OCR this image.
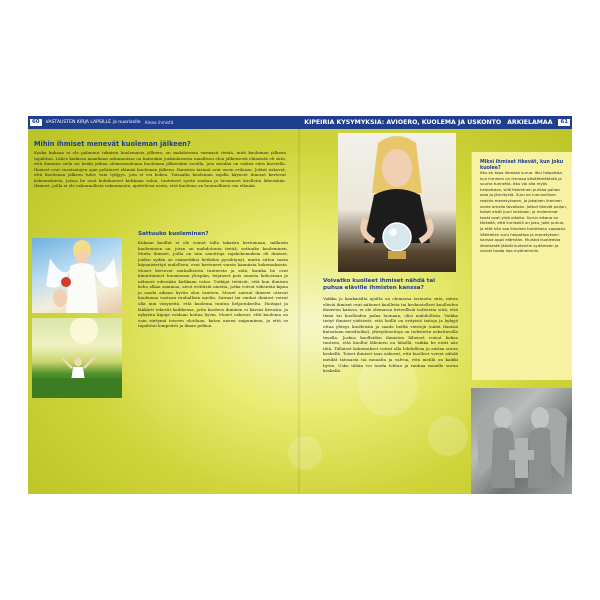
60	VASTAUSTEN KIRJA LAPSILLE ja nuorisolle Arkea ihmistä	KIPEIRIA KYSYMYKSIA: AVIOERO, KUOLEMA JA USKONTO ARKIELAMAA	61
Mihin ihmiset menevät kuoleman jälkeen?
Koska kukaan ei ole palannut takaisin kuolemasta jälkeen, on mahdotonta varmasti tietää, mitä kuoleman jälkeen tapahtuu. Lähes kaikissa maailman uskonnoissa on kuitenkin jonkinlaisesta maallisen elon jälkeisestä elämästä eli siitä, että ihminen sielu tai henki jatkaa olemassaoloaan kuoleman jälkeenkin tavalla, jota meidän on vaikea edes kuvitella. Ihmiset ovat vuosisatojen ajan pohtineet elämää kuoleman jälkeen. Ihmisten tarinat ovat usein erilaisia. Jotkut uskovat, että kuoleman jälkeen tulee vain tyhjyys, jota ei voi kokea. Toisaalta kuoleman rajalla käyneet ihmiset kertovat kokemuksista, joissa he ovat kohdanneet kirkkaan valon, tunteneet syvää rauhaa ja tavanneet kuolleita läheisiään. Ihmiset, joilla ei ole uskonnollista vakaumusta, ajattelevat usein, että kuolema on luonnollinen osa elämää.
Sattuuko kuoleminen?
Kukaan kuollut ei ole voinut tulla takaisin kertomaan, millaista kuoleminen on, joten on mahdotonta tietää, sattuuko kuoleminen. Mutta ihmiset, joilla on niin sanottuja rajakokemuksia eli ihmiset, joiden sydän on esimerkiksi hetkeksi pysähtynyt, mutta sitten saatu käynnistettyä uudelleen, ovat kertoneet varsin kauniista kokemuksista. Monet kertovat rauhallisesta tunteesta ja siitä, kuinka he ovat kiinnittäneet huomionsa ylöspäin, leijuneet pois omasta kehostaan ja nähneet edessään kirkkaan valon. Tutkijat tietävät, että kun ihmisen keho alkaa sammua, aivot erittävät aineita, jotka voivat vähentää kipua ja saada aikaan hyvän olon tunteen. Monet sairaat ihmiset ottavat kuoleman vastaan rauhallisin mielin. Sairaat tai vanhat ihmiset voivat olla niin väsyneitä, että kuolema tuntuu helpotukselta. Hoitajat ja lääkärit tekevät kaikkensa, jotta kuoleva ihminen ei kärsisi kivuista, ja nykyisin kipuja voidaan hoitaa hyvin. Monet uskovat, että kuolema on vain siirtymä toiseen olotilaan, kuten uneen vaipuminen, ja että se tapahtuu lempeästi ja ilman pelkoa.
Voivatko kuolleet ihmiset nähdä tai puhua eläville ihmisten kanssa?
Vaikka jo kaukaisilta ajoilta on olemassa tarinoita siitä, miten eläviä ihmiset ovat nähneet kuolleita tai keskustelleet kuolleiden ihmisten kanssa, ei ole olemassa tieteellisiä todisteita siitä, että tämä tai kuolleiden palaa luonaan, olisi mahdollista. Vaikka tietyt ihmiset väittävät, että heillä on erityisiä taitoja ja kykyjä ottaa yhteys kuolleisiin ja saada heiltä viestejä (näitä ihmisiä kutsutaan meedioiksi), yhteydenottoja on todistettu uskottavalla tavalla. Joskus kuolleiden ihmisten läheiset voivat kokea tunteen, että kuollut läheinen on lähellä, vaikka he eivät näe tätä. Tällaiset kokemukset voivat olla lohdullisia ja auttaa surun keskellä. Toiset ihmiset taas uskovat, että kuolleet voivat nähdä meidät taivaasta tai muualta ja valvoa, että meillä on kaikki hyvin. Usko tähän voi tuoda lohtua ja rauhaa monille surun keskellä.
Miksi ihmiset itkevät, kun joku kuolee?
Itku on tapa ilmaista surua. Itku helpottaa, kun ihminen on ilmassa käsittämätöntä ja suurta tunnetta. Itku voi olla myös helpottava, sillä itkeminen purkaa pahaa oloa ja jännitystä. Suru on luonnollinen reaktio menetykseen, ja jokainen ihminen suree omalla tavallaan. Jotkut itkevät paljon, toiset eivät juuri lainkaan, ja molemmat tavat ovat yhtä oikeita. Surun aikana on tärkeää, että ihmisellä on joku, jolle puhua, ja että hän saa ilmaista tunteitaan vapaasti. Vähitellen suru helpottaa ja menetyksen kanssa oppii elämään. Muistot kuolleesta läheisestä jäävät kuitenkin sydämeen ja voivat tuoda iloa myöhemmin.
